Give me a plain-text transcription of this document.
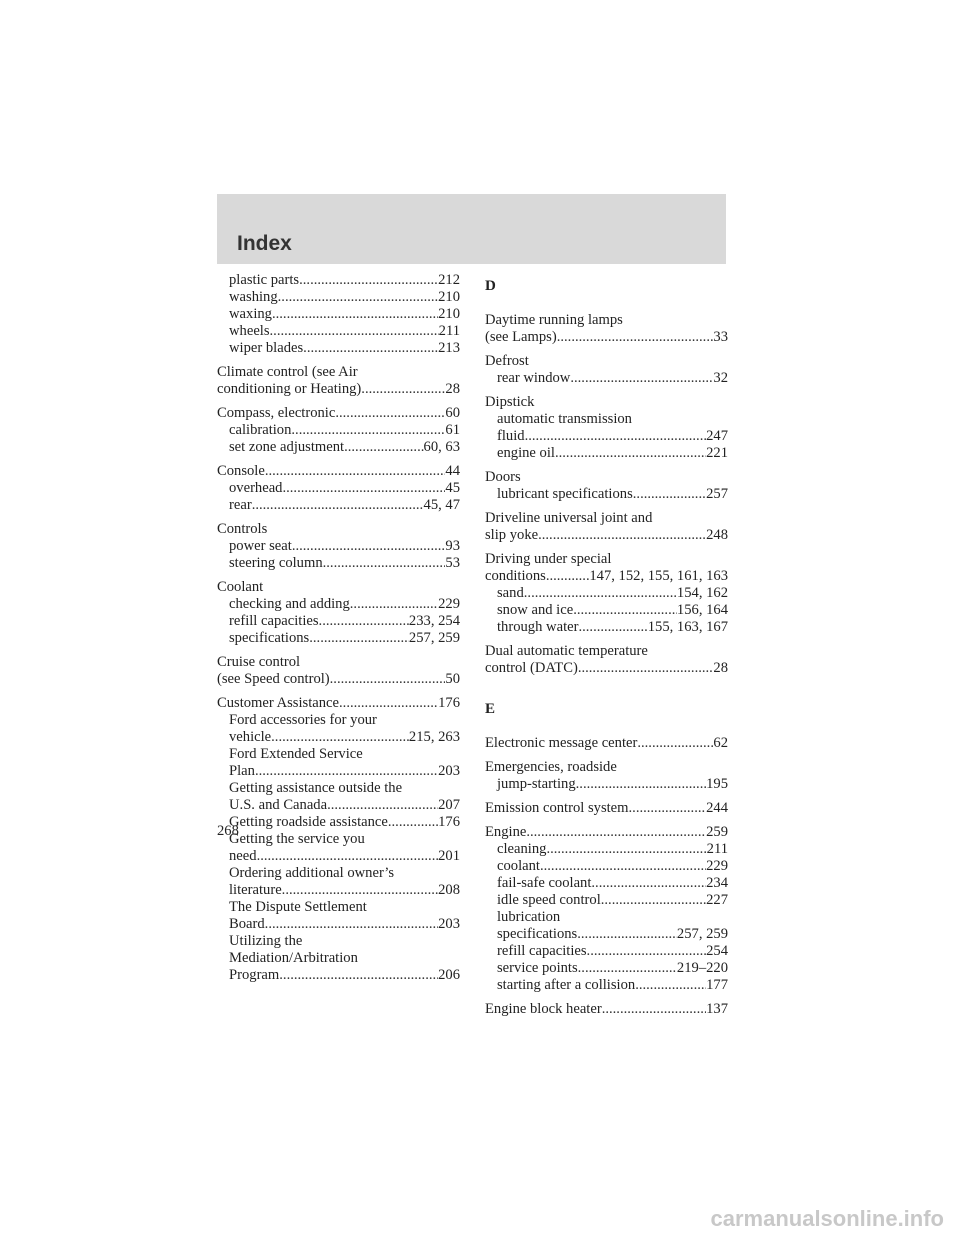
Index
plastic parts .....	212
washing .....	210
waxing .....	210
wheels .....	211
wiper blades .....	213
Climate control (see Air
conditioning or Heating) .....	28
Compass, electronic .....	60
calibration .....	61
set zone adjustment .....	60, 63
Console .....	44
overhead .....	45
rear .....	45, 47
Controls
power seat .....	93
steering column .....	53
Coolant
checking and adding .....	229
refill capacities .....	233, 254
specifications .....	257, 259
Cruise control
(see Speed control) .....	50
Customer Assistance .....	176
Ford accessories for your
vehicle .....	215, 263
Ford Extended Service
Plan .....	203
Getting assistance outside the
U.S. and Canada .....	207
Getting roadside assistance .....	176
Getting the service you
need .....	201
Ordering additional owner’s
literature .....	208
The Dispute Settlement
Board .....	203
Utilizing the
Mediation/Arbitration
Program .....	206
D
Daytime running lamps
(see Lamps) .....	33
Defrost
rear window .....	32
Dipstick
automatic transmission
fluid .....	247
engine oil .....	221
Doors
lubricant specifications .....	257
Driveline universal joint and
slip yoke .....	248
Driving under special
conditions .....	147, 152, 155, 161, 163
sand .....	154, 162
snow and ice .....	156, 164
through water .....	155, 163, 167
Dual automatic temperature
control (DATC) .....	28
E
Electronic message center .....	62
Emergencies, roadside
jump-starting .....	195
Emission control system .....	244
Engine .....	259
cleaning .....	211
coolant .....	229
fail-safe coolant .....	234
idle speed control .....	227
lubrication
specifications .....	257, 259
refill capacities .....	254
service points .....	219–220
starting after a collision .....	177
Engine block heater .....	137
268
carmanualsonline.info
